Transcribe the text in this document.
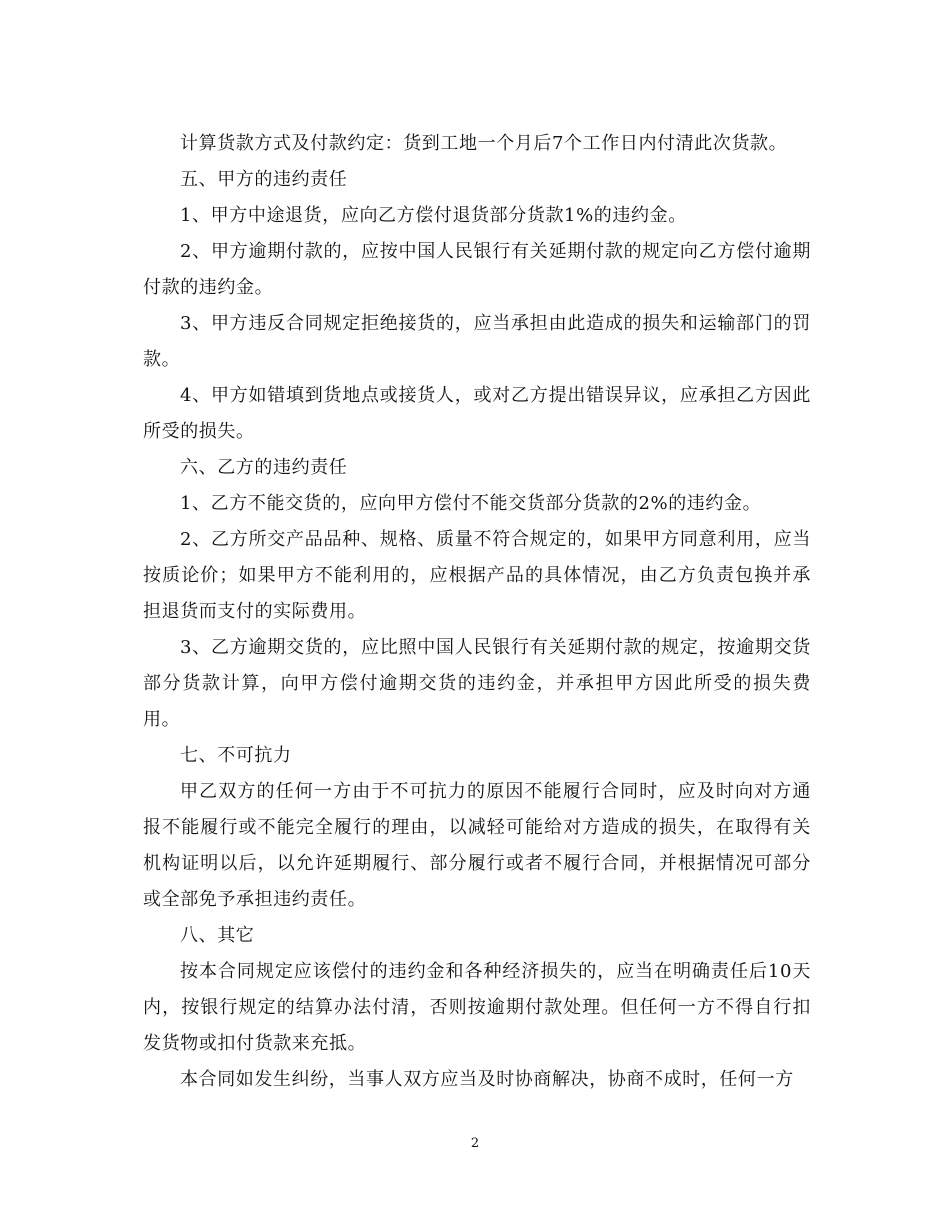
计算货款方式及付款约定：货到工地一个月后7个工作日内付清此次货款。

五、甲方的违约责任

1、甲方中途退货，应向乙方偿付退货部分货款1%的违约金。

2、甲方逾期付款的，应按中国人民银行有关延期付款的规定向乙方偿付逾期付款的违约金。

3、甲方违反合同规定拒绝接货的，应当承担由此造成的损失和运输部门的罚款。

4、甲方如错填到货地点或接货人，或对乙方提出错误异议，应承担乙方因此所受的损失。

六、乙方的违约责任

1、乙方不能交货的，应向甲方偿付不能交货部分货款的2%的违约金。

2、乙方所交产品品种、规格、质量不符合规定的，如果甲方同意利用，应当按质论价；如果甲方不能利用的，应根据产品的具体情况，由乙方负责包换并承担退货而支付的实际费用。

3、乙方逾期交货的，应比照中国人民银行有关延期付款的规定，按逾期交货部分货款计算，向甲方偿付逾期交货的违约金，并承担甲方因此所受的损失费用。

七、不可抗力

甲乙双方的任何一方由于不可抗力的原因不能履行合同时，应及时向对方通报不能履行或不能完全履行的理由，以减轻可能给对方造成的损失，在取得有关机构证明以后，以允许延期履行、部分履行或者不履行合同，并根据情况可部分或全部免予承担违约责任。

八、其它

按本合同规定应该偿付的违约金和各种经济损失的，应当在明确责任后10天内，按银行规定的结算办法付清，否则按逾期付款处理。但任何一方不得自行扣发货物或扣付货款来充抵。

本合同如发生纠纷，当事人双方应当及时协商解决，协商不成时，任何一方

2
